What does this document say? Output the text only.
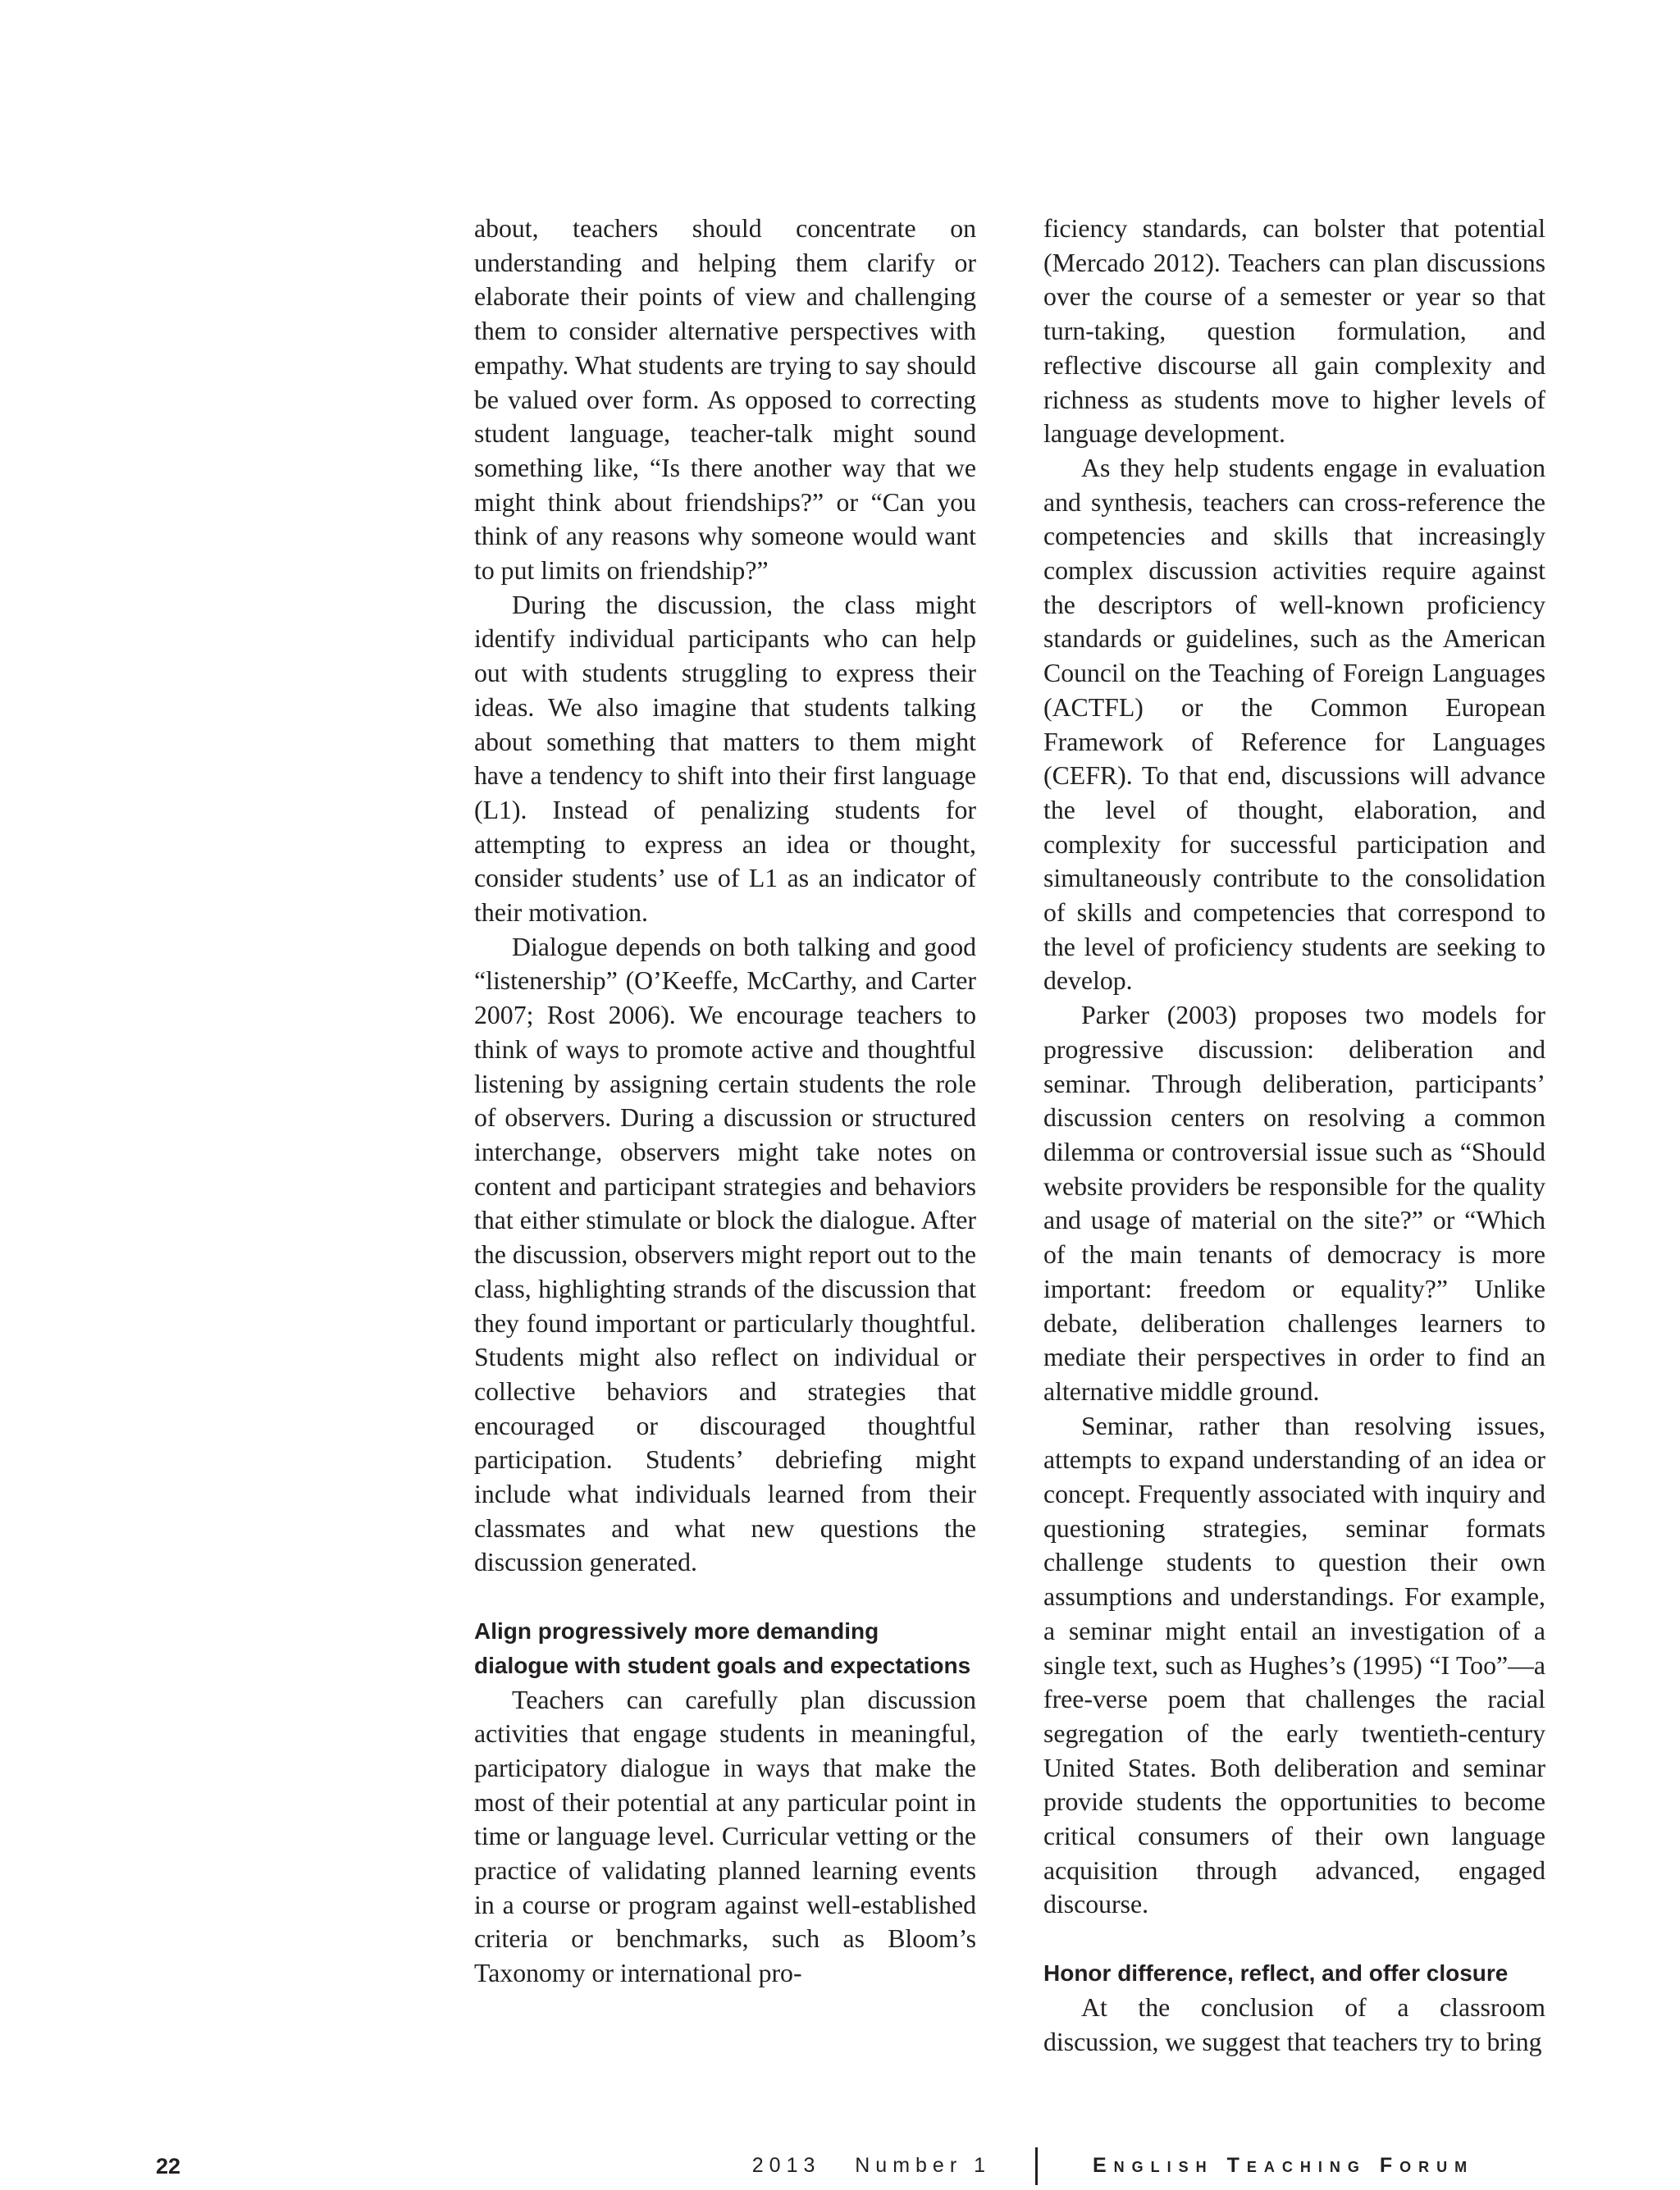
about, teachers should concentrate on understanding and helping them clarify or elaborate their points of view and challenging them to consider alternative perspectives with empathy. What students are trying to say should be valued over form. As opposed to correcting student language, teacher-talk might sound something like, “Is there another way that we might think about friendships?” or “Can you think of any reasons why someone would want to put limits on friendship?”

During the discussion, the class might identify individual participants who can help out with students struggling to express their ideas. We also imagine that students talking about something that matters to them might have a tendency to shift into their first language (L1). Instead of penalizing students for attempting to express an idea or thought, consider students’ use of L1 as an indicator of their motivation.

Dialogue depends on both talking and good “listenership” (O’Keeffe, McCarthy, and Carter 2007; Rost 2006). We encourage teachers to think of ways to promote active and thoughtful listening by assigning certain students the role of observers. During a discussion or structured interchange, observers might take notes on content and participant strategies and behaviors that either stimulate or block the dialogue. After the discussion, observers might report out to the class, highlighting strands of the discussion that they found important or particularly thoughtful. Students might also reflect on individual or collective behaviors and strategies that encouraged or discouraged thoughtful participation. Students’ debriefing might include what individuals learned from their classmates and what new questions the discussion generated.

Align progressively more demanding dialogue with student goals and expectations

Teachers can carefully plan discussion activities that engage students in meaningful, participatory dialogue in ways that make the most of their potential at any particular point in time or language level. Curricular vetting or the practice of validating planned learning events in a course or program against well-established criteria or benchmarks, such as Bloom’s Taxonomy or international pro-

ficiency standards, can bolster that potential (Mercado 2012). Teachers can plan discussions over the course of a semester or year so that turn-taking, question formulation, and reflective discourse all gain complexity and richness as students move to higher levels of language development.

As they help students engage in evaluation and synthesis, teachers can cross-reference the competencies and skills that increasingly complex discussion activities require against the descriptors of well-known proficiency standards or guidelines, such as the American Council on the Teaching of Foreign Languages (ACTFL) or the Common European Framework of Reference for Languages (CEFR). To that end, discussions will advance the level of thought, elaboration, and complexity for successful participation and simultaneously contribute to the consolidation of skills and competencies that correspond to the level of proficiency students are seeking to develop.

Parker (2003) proposes two models for progressive discussion: deliberation and seminar. Through deliberation, participants’ discussion centers on resolving a common dilemma or controversial issue such as “Should website providers be responsible for the quality and usage of material on the site?” or “Which of the main tenants of democracy is more important: freedom or equality?” Unlike debate, deliberation challenges learners to mediate their perspectives in order to find an alternative middle ground.

Seminar, rather than resolving issues, attempts to expand understanding of an idea or concept. Frequently associated with inquiry and questioning strategies, seminar formats challenge students to question their own assumptions and understandings. For example, a seminar might entail an investigation of a single text, such as Hughes’s (1995) “I Too”—a free-verse poem that challenges the racial segregation of the early twentieth-century United States. Both deliberation and seminar provide students the opportunities to become critical consumers of their own language acquisition through advanced, engaged discourse.

Honor difference, reflect, and offer closure

At the conclusion of a classroom discussion, we suggest that teachers try to bring

22	2013   Number 1	English Teaching Forum
